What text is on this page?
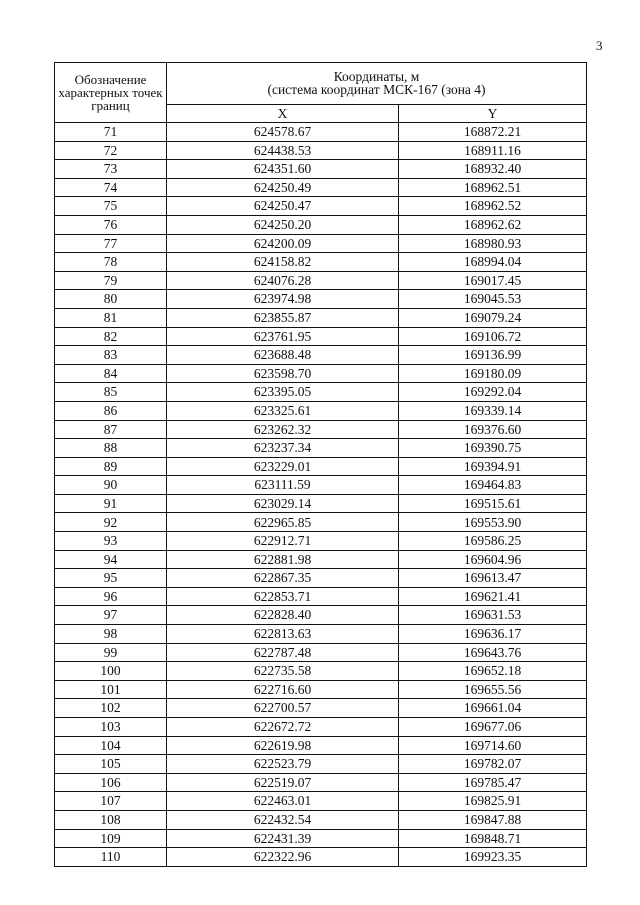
3
Обозначение характерных точек границ	Координаты, м
(система координат МСК-167 (зона 4)	
	X	Y
71	624578.67	168872.21
72	624438.53	168911.16
73	624351.60	168932.40
74	624250.49	168962.51
75	624250.47	168962.52
76	624250.20	168962.62
77	624200.09	168980.93
78	624158.82	168994.04
79	624076.28	169017.45
80	623974.98	169045.53
81	623855.87	169079.24
82	623761.95	169106.72
83	623688.48	169136.99
84	623598.70	169180.09
85	623395.05	169292.04
86	623325.61	169339.14
87	623262.32	169376.60
88	623237.34	169390.75
89	623229.01	169394.91
90	623111.59	169464.83
91	623029.14	169515.61
92	622965.85	169553.90
93	622912.71	169586.25
94	622881.98	169604.96
95	622867.35	169613.47
96	622853.71	169621.41
97	622828.40	169631.53
98	622813.63	169636.17
99	622787.48	169643.76
100	622735.58	169652.18
101	622716.60	169655.56
102	622700.57	169661.04
103	622672.72	169677.06
104	622619.98	169714.60
105	622523.79	169782.07
106	622519.07	169785.47
107	622463.01	169825.91
108	622432.54	169847.88
109	622431.39	169848.71
110	622322.96	169923.35
